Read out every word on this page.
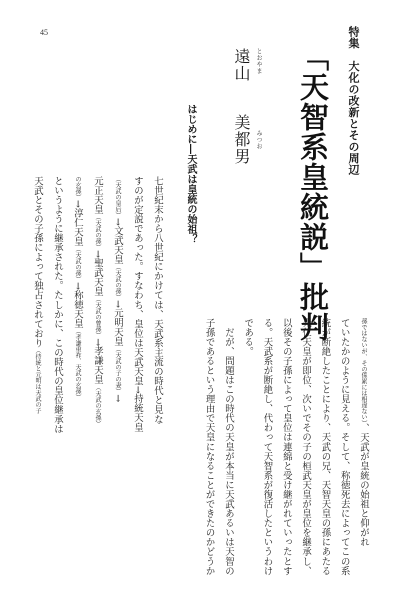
45	特集　大化の改新とその周辺
「天智系皇統説」批判
とおやま
みつお
遠山美都男
はじめに―天武は皇統の始祖？

七世紀末から八世紀にかけては、天武系主流の時代と見な

すのが定説であった。すなわち、皇位は天武天皇→持統天皇

（天武の皇后）→文武天皇（天武の孫）→元明天皇（天武の子の妻）→

元正天皇（天武の孫）→聖武天皇（天武の曾孫）→孝謙天皇（天武の玄孫）

の玄孫）→淳仁天皇（天武の孫）→称徳天皇（孝謙重祚、天武の玄孫）

というように継承された。たしかに、この時代の皇位継承は

天武とその子孫によって独占されており（持統と元明は天武の子	孫ではないが、その係累には相違ない）、天武が皇統の始祖と仰がれ

ていたかのように見える。そして、称徳死去によってこの系

統が断絶したことにより、天武の兄、天智天皇の孫にあたる

光仁天皇が即位、次いでその子の桓武天皇が皇位を継承し、

以後その子孫によって皇位は連綿と受け継がれていったとす

る。天武系が断絶し、代わって天智系が復活したというわけ

である。

　だが、問題はこの時代の天皇が本当に天武あるいは天智の

子孫であるという理由で天皇になることができたのかどうか
